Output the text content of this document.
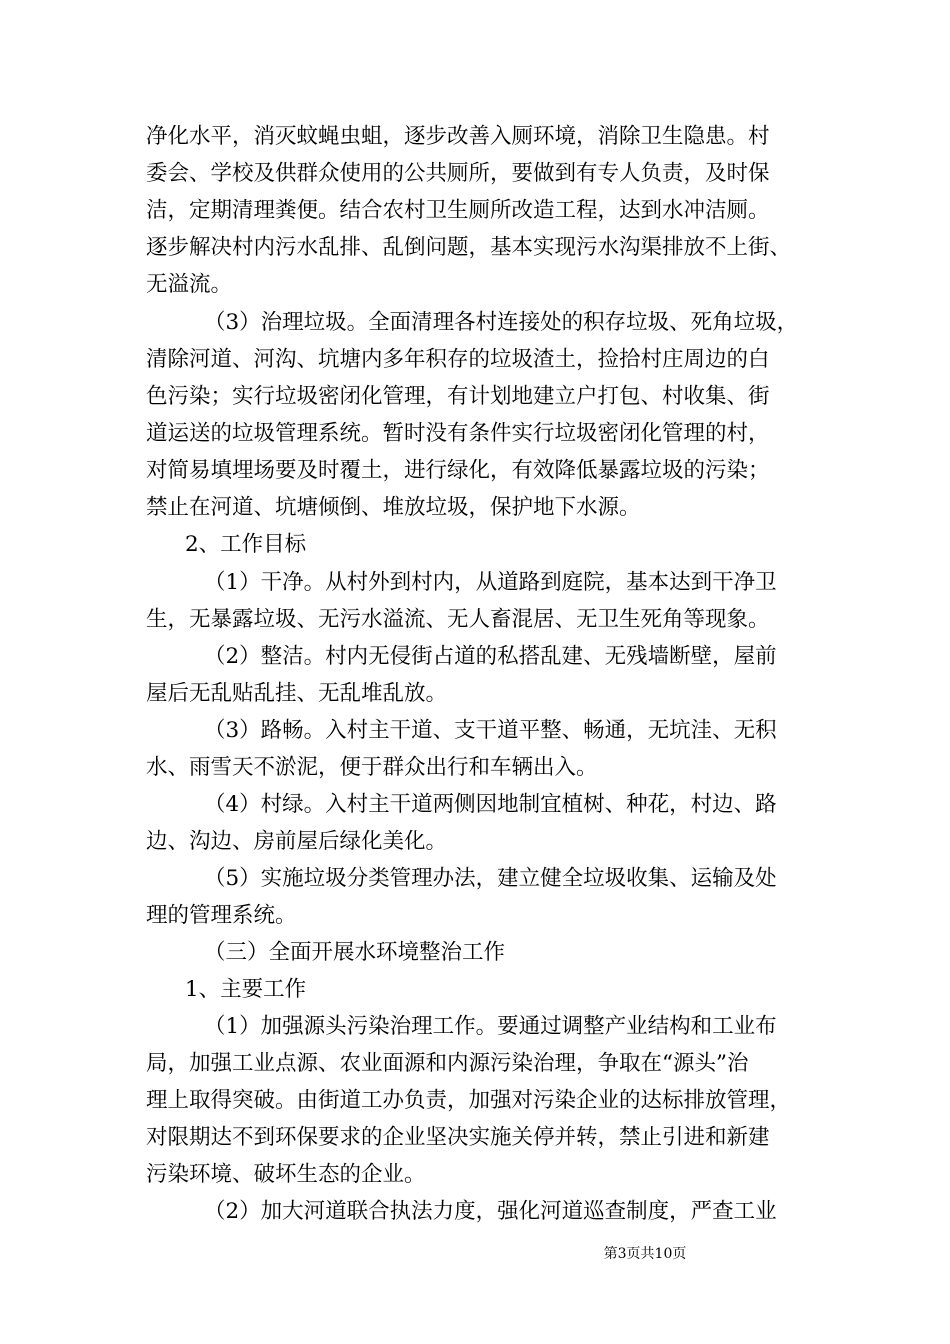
净化水平，消灭蚊蝇虫蛆，逐步改善入厕环境，消除卫生隐患。村
委会、学校及供群众使用的公共厕所，要做到有专人负责，及时保
洁，定期清理粪便。结合农村卫生厕所改造工程，达到水冲洁厕。
逐步解决村内污水乱排、乱倒问题，基本实现污水沟渠排放不上街、
无溢流。
（3）治理垃圾。全面清理各村连接处的积存垃圾、死角垃圾，
清除河道、河沟、坑塘内多年积存的垃圾渣土，捡拾村庄周边的白
色污染；实行垃圾密闭化管理，有计划地建立户打包、村收集、街
道运送的垃圾管理系统。暂时没有条件实行垃圾密闭化管理的村，
对简易填埋场要及时覆土，进行绿化，有效降低暴露垃圾的污染；
禁止在河道、坑塘倾倒、堆放垃圾，保护地下水源。
2、工作目标
（1）干净。从村外到村内，从道路到庭院，基本达到干净卫
生，无暴露垃圾、无污水溢流、无人畜混居、无卫生死角等现象。
（2）整洁。村内无侵街占道的私搭乱建、无残墙断壁，屋前
屋后无乱贴乱挂、无乱堆乱放。
（3）路畅。入村主干道、支干道平整、畅通，无坑洼、无积
水、雨雪天不淤泥，便于群众出行和车辆出入。
（4）村绿。入村主干道两侧因地制宜植树、种花，村边、路
边、沟边、房前屋后绿化美化。
（5）实施垃圾分类管理办法，建立健全垃圾收集、运输及处
理的管理系统。
（三）全面开展水环境整治工作
1、主要工作
（1）加强源头污染治理工作。要通过调整产业结构和工业布
局，加强工业点源、农业面源和内源污染治理，争取在“源头”治
理上取得突破。由街道工办负责，加强对污染企业的达标排放管理，
对限期达不到环保要求的企业坚决实施关停并转，禁止引进和新建
污染环境、破坏生态的企业。
（2）加大河道联合执法力度，强化河道巡查制度，严查工业
第3页共10页
